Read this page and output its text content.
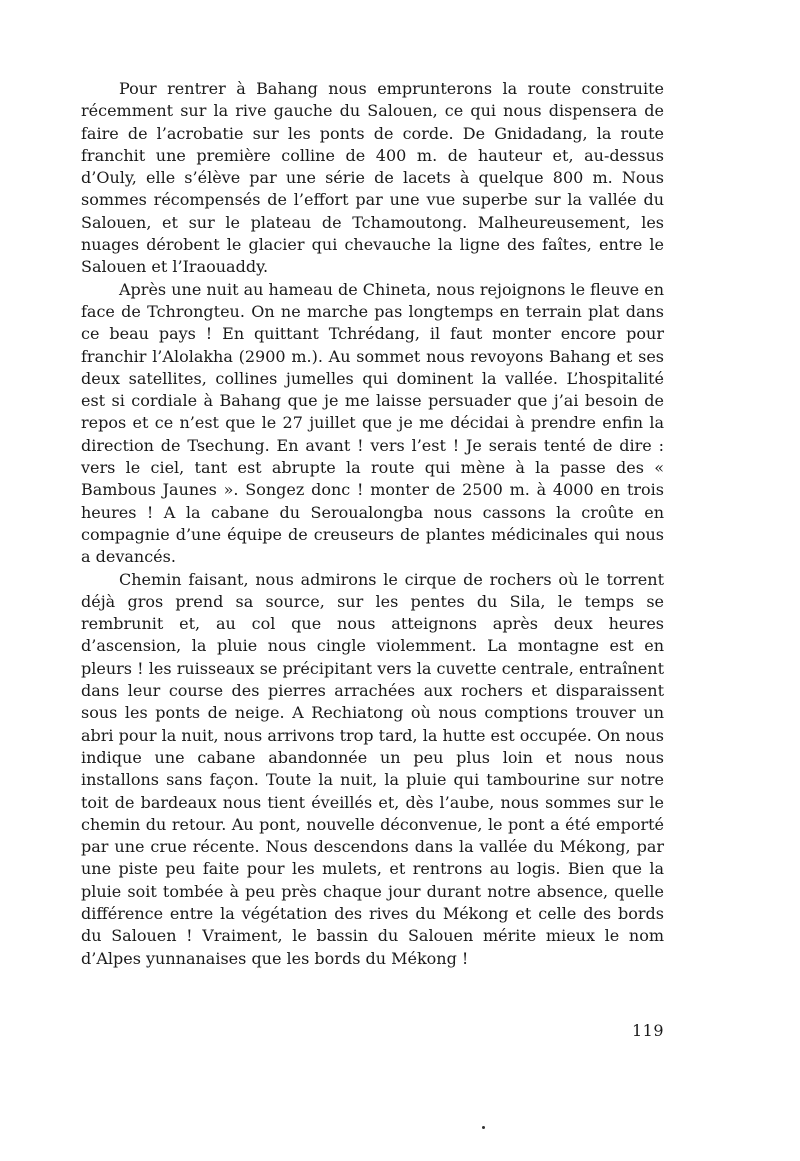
Pour rentrer à Bahang nous emprunterons la route construite récemment sur la rive gauche du Salouen, ce qui nous dispensera de faire de l’acrobatie sur les ponts de corde. De Gnidadang, la route franchit une première colline de 400 m. de hauteur et, au-dessus d’Ouly, elle s’élève par une série de lacets à quelque 800 m. Nous sommes récompensés de l’effort par une vue superbe sur la vallée du Salouen, et sur le plateau de Tchamoutong. Malheureusement, les nuages dérobent le glacier qui chevauche la ligne des faîtes, entre le Salouen et l’Iraouaddy.

Après une nuit au hameau de Chineta, nous rejoignons le fleuve en face de Tchrongteu. On ne marche pas longtemps en terrain plat dans ce beau pays ! En quittant Tchrédang, il faut monter encore pour franchir l’Alolakha (2900 m.). Au sommet nous revoyons Bahang et ses deux satellites, collines jumelles qui dominent la vallée. L’hospitalité est si cordiale à Bahang que je me laisse persuader que j’ai besoin de repos et ce n’est que le 27 juillet que je me décidai à prendre enfin la direction de Tsechung. En avant ! vers l’est ! Je serais tenté de dire : vers le ciel, tant est abrupte la route qui mène à la passe des « Bambous Jaunes ». Songez donc ! monter de 2500 m. à 4000 en trois heures ! A la cabane du Seroualongba nous cassons la croûte en compagnie d’une équipe de creuseurs de plantes médicinales qui nous a devancés.

Chemin faisant, nous admirons le cirque de rochers où le torrent déjà gros prend sa source, sur les pentes du Sila, le temps se rembrunit et, au col que nous atteignons après deux heures d’ascension, la pluie nous cingle violemment. La montagne est en pleurs ! les ruisseaux se précipitant vers la cuvette centrale, entraînent dans leur course des pierres arrachées aux rochers et disparaissent sous les ponts de neige. A Rechiatong où nous comptions trouver un abri pour la nuit, nous arrivons trop tard, la hutte est occupée. On nous indique une cabane abandonnée un peu plus loin et nous nous installons sans façon. Toute la nuit, la pluie qui tambourine sur notre toit de bardeaux nous tient éveillés et, dès l’aube, nous sommes sur le chemin du retour. Au pont, nouvelle déconvenue, le pont a été emporté par une crue récente. Nous descendons dans la vallée du Mékong, par une piste peu faite pour les mulets, et rentrons au logis. Bien que la pluie soit tombée à peu près chaque jour durant notre absence, quelle différence entre la végétation des rives du Mékong et celle des bords du Salouen ! Vraiment, le bassin du Salouen mérite mieux le nom d’Alpes yunnanaises que les bords du Mékong !

119
